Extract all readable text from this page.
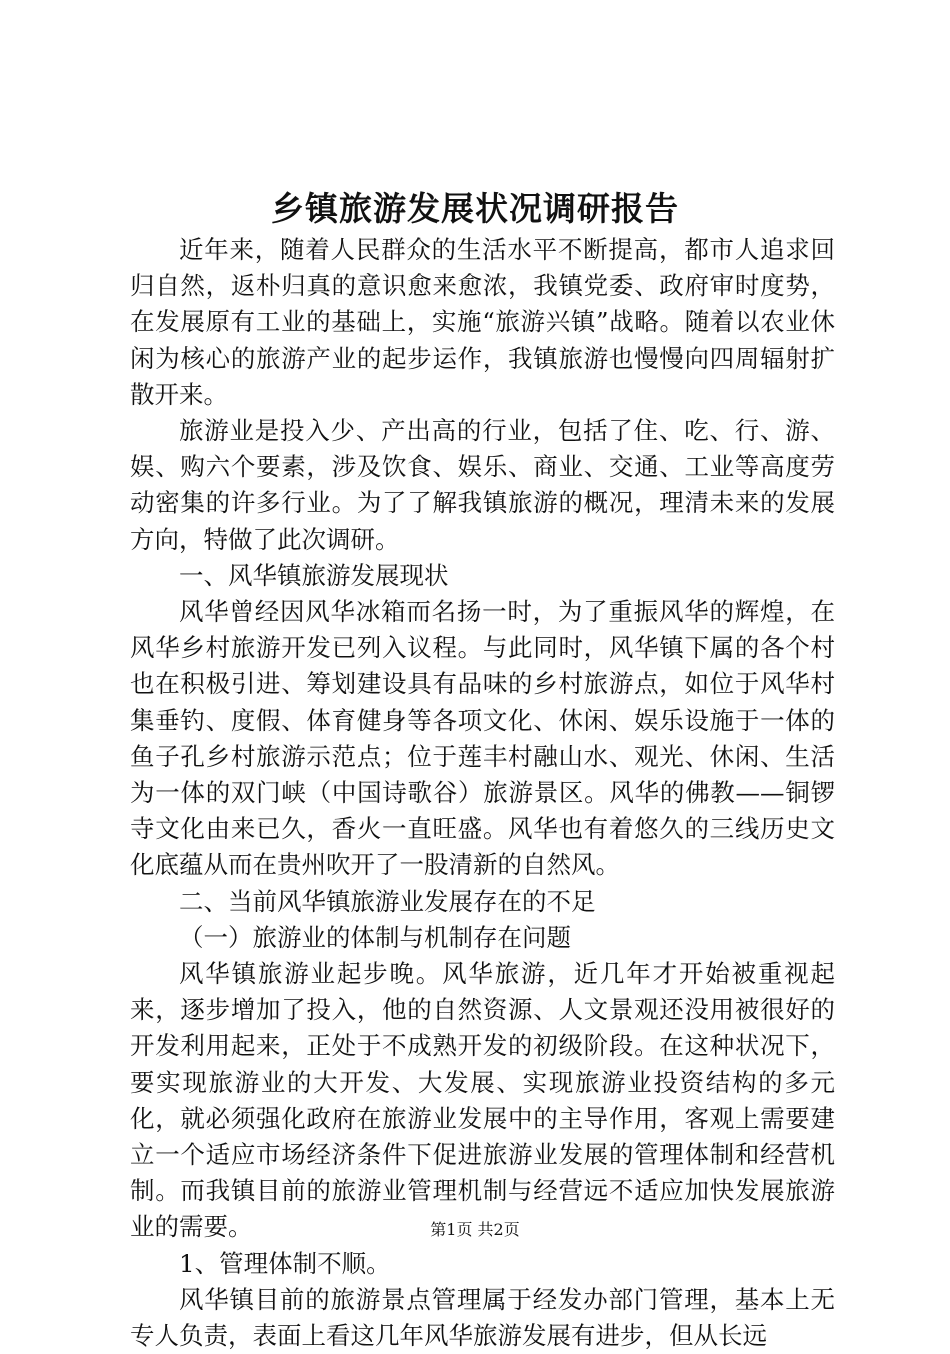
乡镇旅游发展状况调研报告

近年来，随着人民群众的生活水平不断提高，都市人追求回归自然，返朴归真的意识愈来愈浓，我镇党委、政府审时度势，在发展原有工业的基础上，实施“旅游兴镇”战略。随着以农业休闲为核心的旅游产业的起步运作，我镇旅游也慢慢向四周辐射扩散开来。

旅游业是投入少、产出高的行业，包括了住、吃、行、游、娱、购六个要素，涉及饮食、娱乐、商业、交通、工业等高度劳动密集的许多行业。为了了解我镇旅游的概况，理清未来的发展方向，特做了此次调研。

一、风华镇旅游发展现状

风华曾经因风华冰箱而名扬一时，为了重振风华的辉煌，在风华乡村旅游开发已列入议程。与此同时，风华镇下属的各个村也在积极引进、筹划建设具有品味的乡村旅游点，如位于风华村集垂钓、度假、体育健身等各项文化、休闲、娱乐设施于一体的鱼子孔乡村旅游示范点；位于莲丰村融山水、观光、休闲、生活为一体的双门峡（中国诗歌谷）旅游景区。风华的佛教——铜锣寺文化由来已久，香火一直旺盛。风华也有着悠久的三线历史文化底蕴从而在贵州吹开了一股清新的自然风。

二、当前风华镇旅游业发展存在的不足

（一）旅游业的体制与机制存在问题

风华镇旅游业起步晚。风华旅游，近几年才开始被重视起来，逐步增加了投入，他的自然资源、人文景观还没用被很好的开发利用起来，正处于不成熟开发的初级阶段。在这种状况下，要实现旅游业的大开发、大发展、实现旅游业投资结构的多元化，就必须强化政府在旅游业发展中的主导作用，客观上需要建立一个适应市场经济条件下促进旅游业发展的管理体制和经营机制。而我镇目前的旅游业管理机制与经营远不适应加快发展旅游业的需要。

1、管理体制不顺。

风华镇目前的旅游景点管理属于经发办部门管理，基本上无专人负责，表面上看这几年风华旅游发展有进步，但从长远

第1页 共2页
